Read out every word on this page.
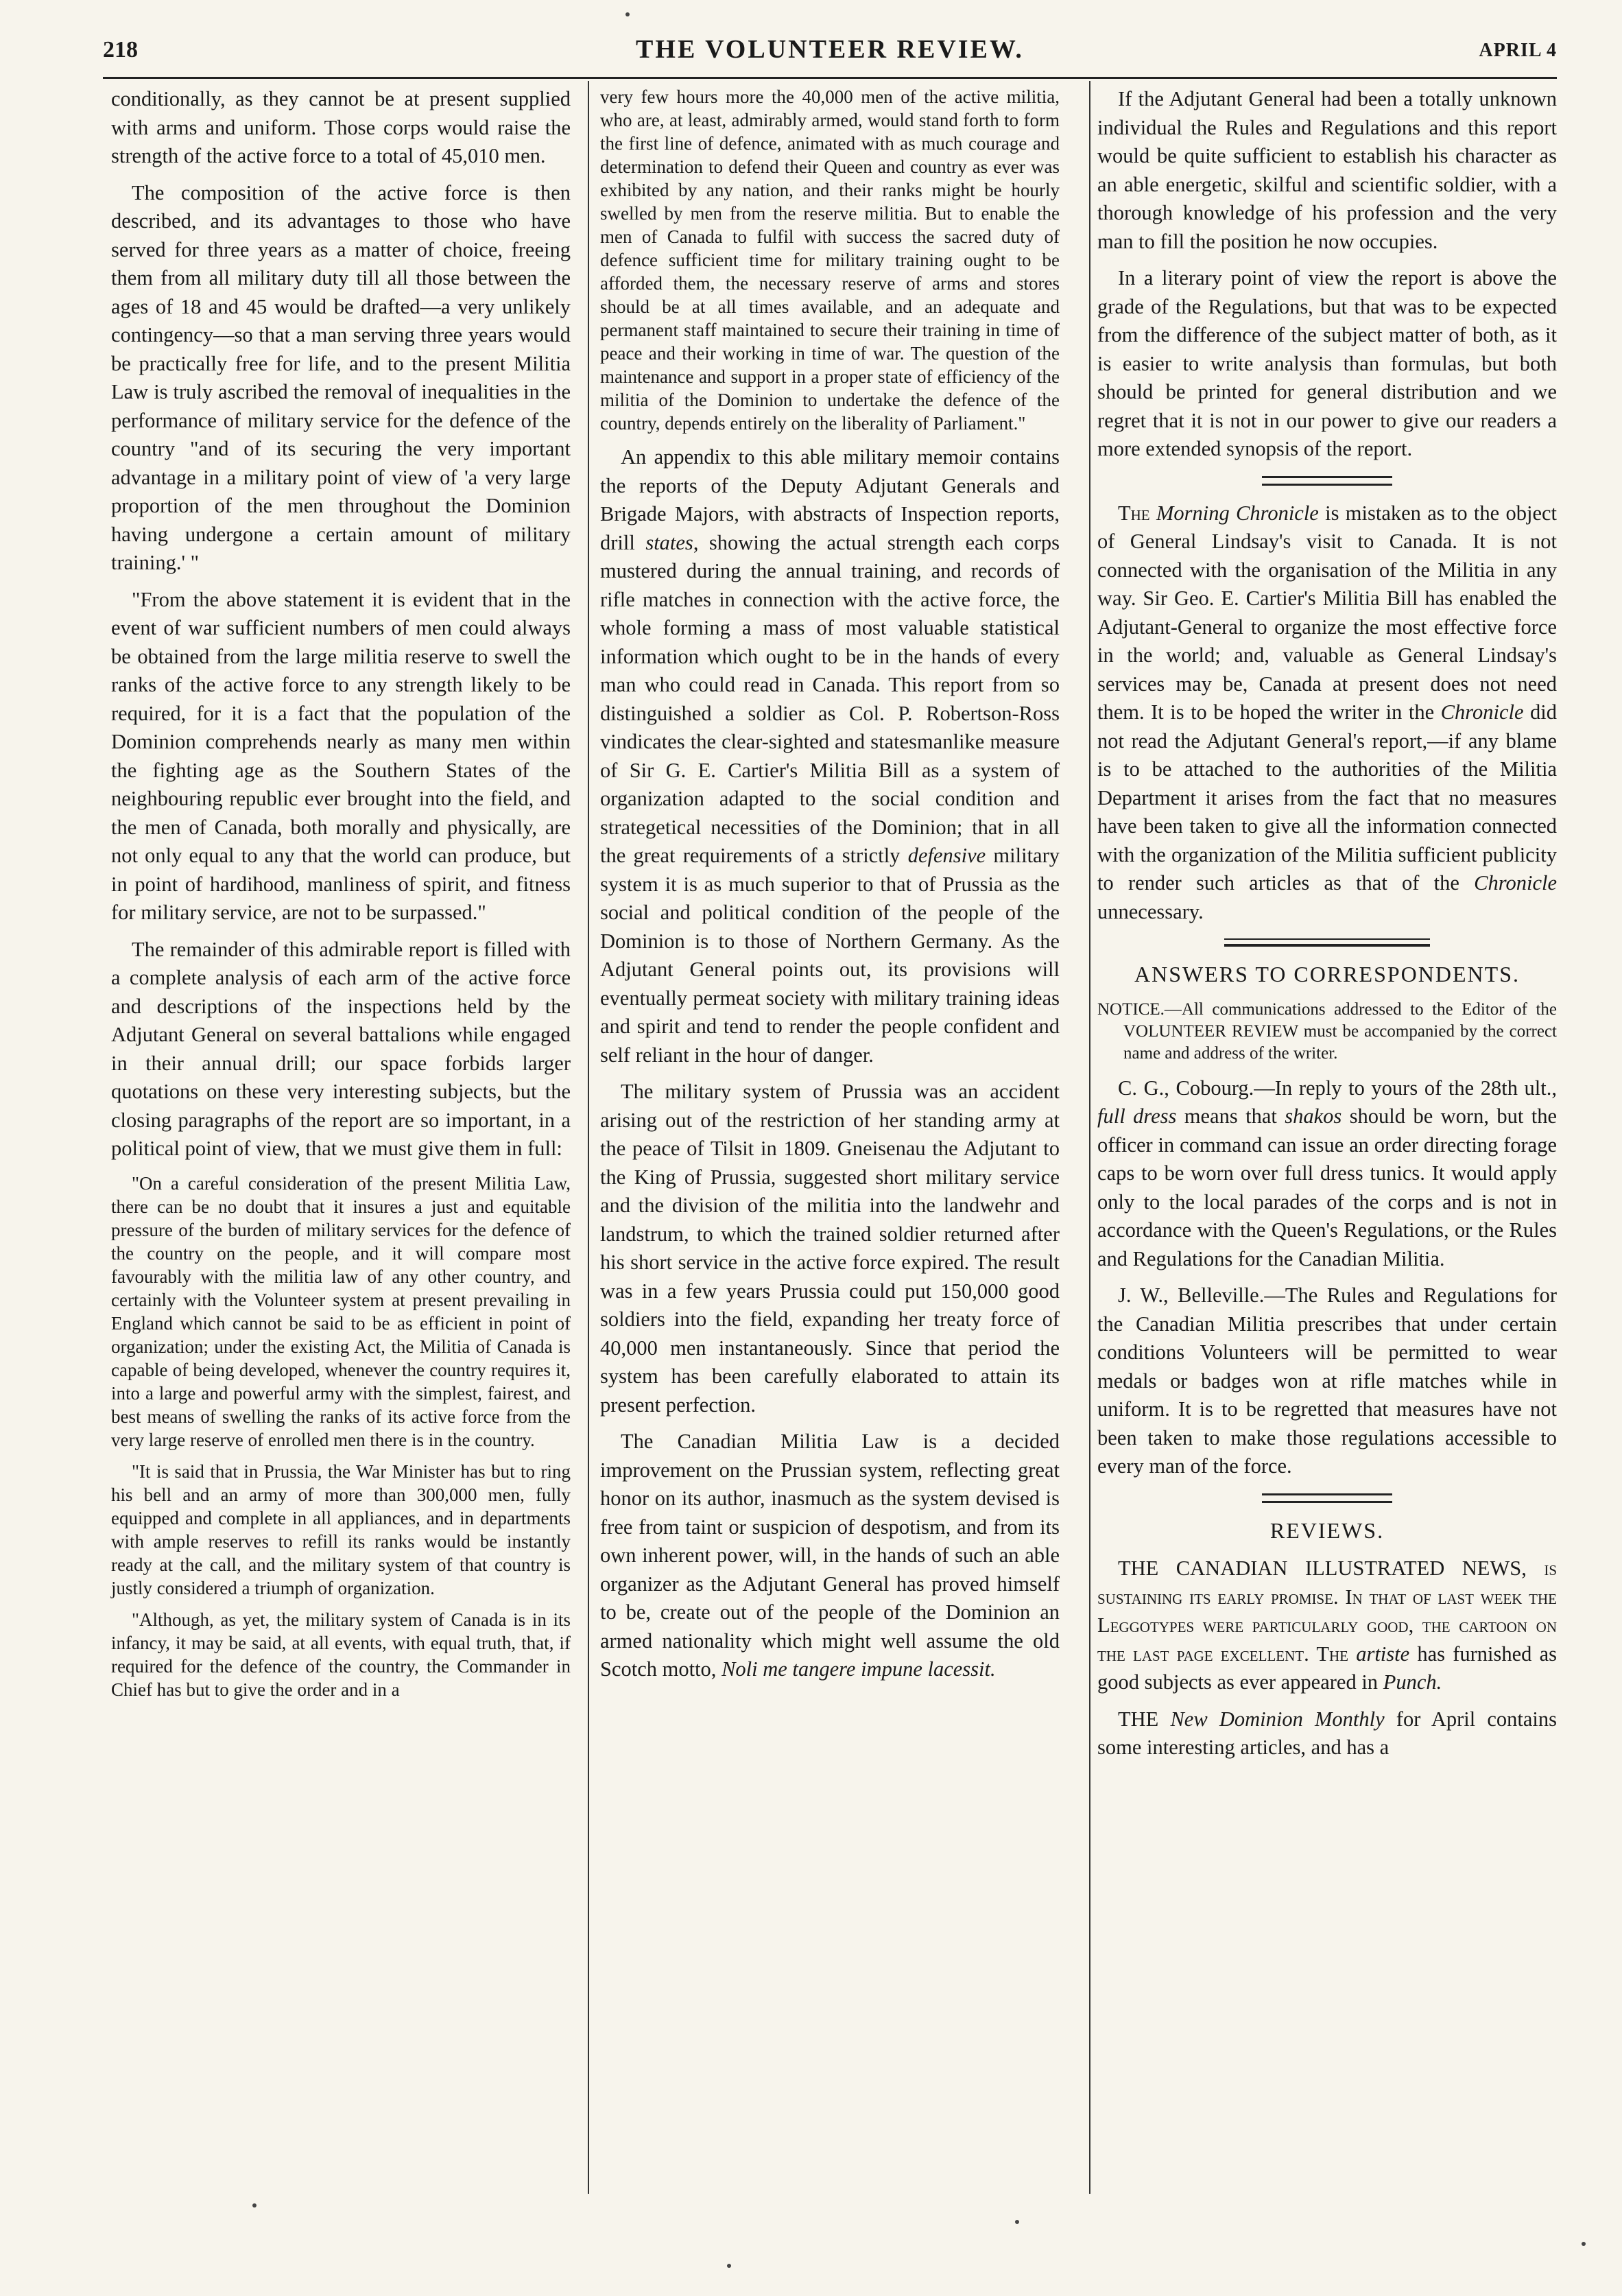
218	THE VOLUNTEER REVIEW.	APRIL 4

conditionally, as they cannot be at present supplied with arms and uniform. Those corps would raise the strength of the active force to a total of 45,010 men.

The composition of the active force is then described, and its advantages to those who have served for three years as a matter of choice, freeing them from all military duty till all those between the ages of 18 and 45 would be drafted—a very unlikely contingency—so that a man serving three years would be practically free for life, and to the present Militia Law is truly ascribed the removal of inequalities in the performance of military service for the defence of the country "and of its securing the very important advantage in a military point of view of 'a very large proportion of the men throughout the Dominion having undergone a certain amount of military training.' "

"From the above statement it is evident that in the event of war sufficient numbers of men could always be obtained from the large militia reserve to swell the ranks of the active force to any strength likely to be required, for it is a fact that the population of the Dominion comprehends nearly as many men within the fighting age as the Southern States of the neighbouring republic ever brought into the field, and the men of Canada, both morally and physically, are not only equal to any that the world can produce, but in point of hardihood, manliness of spirit, and fitness for military service, are not to be surpassed."

The remainder of this admirable report is filled with a complete analysis of each arm of the active force and descriptions of the inspections held by the Adjutant General on several battalions while engaged in their annual drill; our space forbids larger quotations on these very interesting subjects, but the closing paragraphs of the report are so important, in a political point of view, that we must give them in full:

"On a careful consideration of the present Militia Law, there can be no doubt that it insures a just and equitable pressure of the burden of military services for the defence of the country on the people, and it will compare most favourably with the militia law of any other country, and certainly with the Volunteer system at present prevailing in England which cannot be said to be as efficient in point of organization; under the existing Act, the Militia of Canada is capable of being developed, whenever the country requires it, into a large and powerful army with the simplest, fairest, and best means of swelling the ranks of its active force from the very large reserve of enrolled men there is in the country.

"It is said that in Prussia, the War Minister has but to ring his bell and an army of more than 300,000 men, fully equipped and complete in all appliances, and in departments with ample reserves to refill its ranks would be instantly ready at the call, and the military system of that country is justly considered a triumph of organization.

"Although, as yet, the military system of Canada is in its infancy, it may be said, at all events, with equal truth, that, if required for the defence of the country, the Commander in Chief has but to give the order and in a

very few hours more the 40,000 men of the active militia, who are, at least, admirably armed, would stand forth to form the first line of defence, animated with as much courage and determination to defend their Queen and country as ever was exhibited by any nation, and their ranks might be hourly swelled by men from the reserve militia. But to enable the men of Canada to fulfil with success the sacred duty of defence sufficient time for military training ought to be afforded them, the necessary reserve of arms and stores should be at all times available, and an adequate and permanent staff maintained to secure their training in time of peace and their working in time of war. The question of the maintenance and support in a proper state of efficiency of the militia of the Dominion to undertake the defence of the country, depends entirely on the liberality of Parliament."

An appendix to this able military memoir contains the reports of the Deputy Adjutant Generals and Brigade Majors, with abstracts of Inspection reports, drill states, showing the actual strength each corps mustered during the annual training, and records of rifle matches in connection with the active force, the whole forming a mass of most valuable statistical information which ought to be in the hands of every man who could read in Canada. This report from so distinguished a soldier as Col. P. Robertson-Ross vindicates the clear-sighted and statesmanlike measure of Sir G. E. Cartier's Militia Bill as a system of organization adapted to the social condition and strategetical necessities of the Dominion; that in all the great requirements of a strictly defensive military system it is as much superior to that of Prussia as the social and political condition of the people of the Dominion is to those of Northern Germany. As the Adjutant General points out, its provisions will eventually permeat society with military training ideas and spirit and tend to render the people confident and self reliant in the hour of danger.

The military system of Prussia was an accident arising out of the restriction of her standing army at the peace of Tilsit in 1809. Gneisenau the Adjutant to the King of Prussia, suggested short military service and the division of the militia into the landwehr and landstrum, to which the trained soldier returned after his short service in the active force expired. The result was in a few years Prussia could put 150,000 good soldiers into the field, expanding her treaty force of 40,000 men instantaneously. Since that period the system has been carefully elaborated to attain its present perfection.

The Canadian Militia Law is a decided improvement on the Prussian system, reflecting great honor on its author, inasmuch as the system devised is free from taint or suspicion of despotism, and from its own inherent power, will, in the hands of such an able organizer as the Adjutant General has proved himself to be, create out of the people of the Dominion an armed nationality which might well assume the old Scotch motto, Noli me tangere impune lacessit.

If the Adjutant General had been a totally unknown individual the Rules and Regulations and this report would be quite sufficient to establish his character as an able energetic, skilful and scientific soldier, with a thorough knowledge of his profession and the very man to fill the position he now occupies.

In a literary point of view the report is above the grade of the Regulations, but that was to be expected from the difference of the subject matter of both, as it is easier to write analysis than formulas, but both should be printed for general distribution and we regret that it is not in our power to give our readers a more extended synopsis of the report.

The Morning Chronicle is mistaken as to the object of General Lindsay's visit to Canada. It is not connected with the organisation of the Militia in any way. Sir Geo. E. Cartier's Militia Bill has enabled the Adjutant-General to organize the most effective force in the world; and, valuable as General Lindsay's services may be, Canada at present does not need them. It is to be hoped the writer in the Chronicle did not read the Adjutant General's report,—if any blame is to be attached to the authorities of the Militia Department it arises from the fact that no measures have been taken to give all the information connected with the organization of the Militia sufficient publicity to render such articles as that of the Chronicle unnecessary.

ANSWERS TO CORRESPONDENTS.

NOTICE.—All communications addressed to the Editor of the VOLUNTEER REVIEW must be accompanied by the correct name and address of the writer.

C. G., Cobourg.—In reply to yours of the 28th ult., full dress means that shakos should be worn, but the officer in command can issue an order directing forage caps to be worn over full dress tunics. It would apply only to the local parades of the corps and is not in accordance with the Queen's Regulations, or the Rules and Regulations for the Canadian Militia.

J. W., Belleville.—The Rules and Regulations for the Canadian Militia prescribes that under certain conditions Volunteers will be permitted to wear medals or badges won at rifle matches while in uniform. It is to be regretted that measures have not been taken to make those regulations accessible to every man of the force.

REVIEWS.

THE CANADIAN ILLUSTRATED NEWS, is sustaining its early promise. In that of last week the Leggotypes were particularly good, the cartoon on the last page excellent. The artiste has furnished as good subjects as ever appeared in Punch.

THE New Dominion Monthly for April contains some interesting articles, and has a
